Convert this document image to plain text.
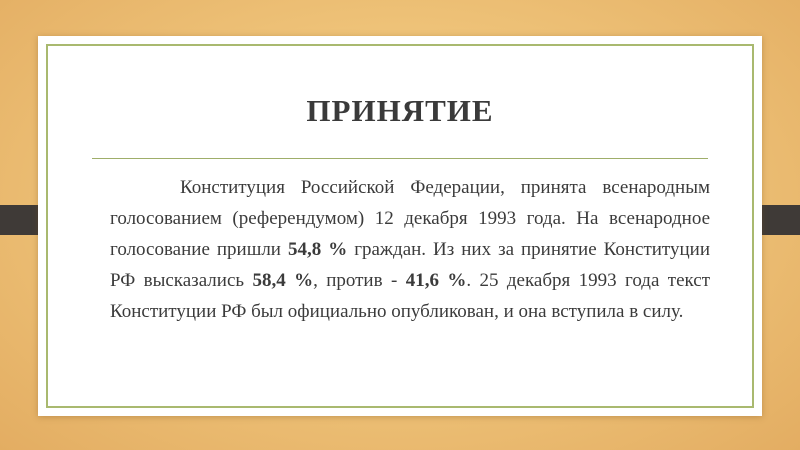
ПРИНЯТИЕ

Конституция Российской Федерации, принята всенародным голосованием (референдумом) 12 декабря 1993 года. На всенародное голосование пришли 54,8 % граждан. Из них за принятие Конституции РФ высказались 58,4 %, против - 41,6 %. 25 декабря 1993 года текст Конституции РФ был официально опубликован, и она вступила в силу.
